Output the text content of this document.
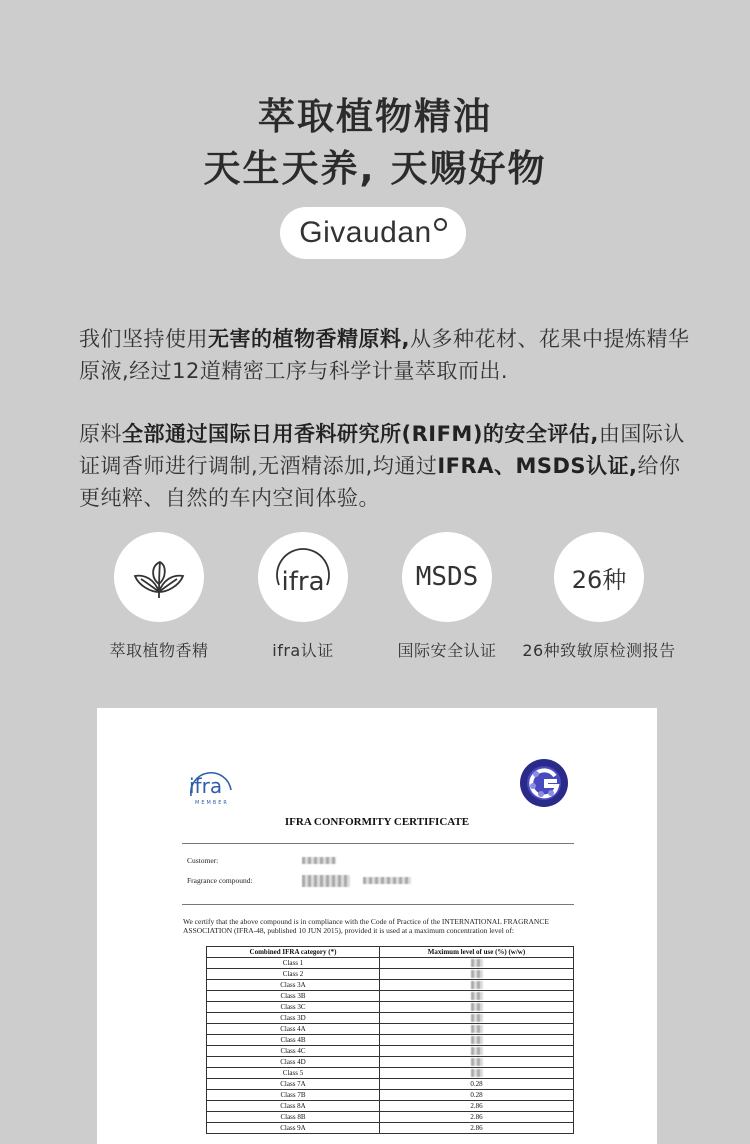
萃取植物精油
天生天养, 天赐好物
Givaudan

我们坚持使用无害的植物香精原料,从多种花材、花果中提炼精华原液,经过12道精密工序与科学计量萃取而出.

原料全部通过国际日用香料研究所(RIFM)的安全评估,由国际认证调香师进行调制,无酒精添加,均通过IFRA、MSDS认证,给你更纯粹、自然的车内空间体验。

萃取植物香精
ifra
ifra认证
MSDS
国际安全认证
26种
26种致敏原检测报告
ifra
MEMBER
IFRA CONFORMITY CERTIFICATE
Customer:
Fragrance compound:
We certify that the above compound is in compliance with the Code of Practice of the INTERNATIONAL FRAGRANCE ASSOCIATION (IFRA-48, published 10 JUN 2015), provided it is used at a maximum concentration level of:
Combined IFRA category (*)	Maximum level of use (%) (w/w)
Class 1	
Class 2	
Class 3A	
Class 3B	
Class 3C	
Class 3D	
Class 4A	
Class 4B	
Class 4C	
Class 4D	
Class 5	
Class 7A	0.28
Class 7B	0.28
Class 8A	2.86
Class 8B	2.86
Class 9A	2.86
